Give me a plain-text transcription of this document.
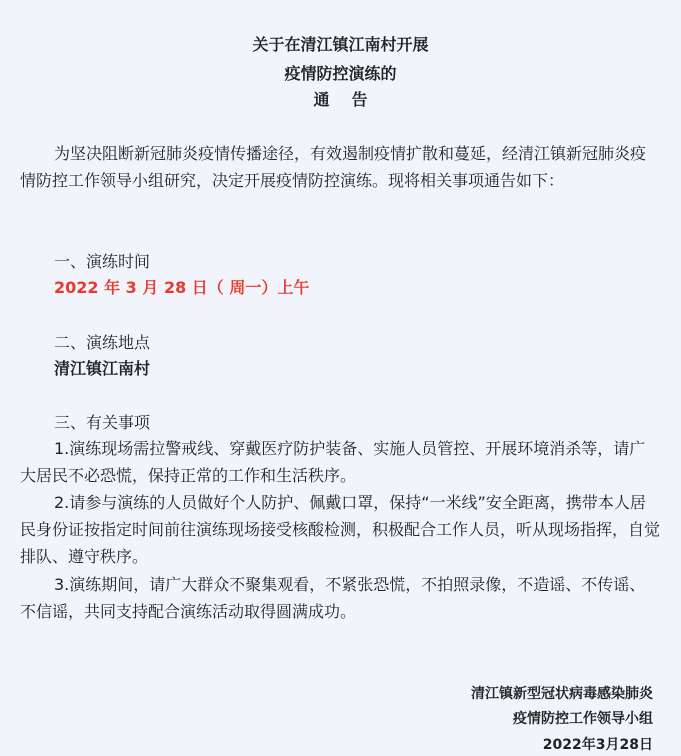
关于在清江镇江南村开展
疫情防控演练的
通告
为坚决阻断新冠肺炎疫情传播途径，有效遏制疫情扩散和蔓延，经清江镇新冠肺炎疫情防控工作领导小组研究，决定开展疫情防控演练。现将相关事项通告如下：
一、演练时间
2022 年 3 月 28 日（ 周一）上午
二、演练地点
清江镇江南村
三、有关事项
1.演练现场需拉警戒线、穿戴医疗防护装备、实施人员管控、开展环境消杀等，请广大居民不必恐慌，保持正常的工作和生活秩序。
2.请参与演练的人员做好个人防护、佩戴口罩，保持“一米线”安全距离，携带本人居民身份证按指定时间前往演练现场接受核酸检测，积极配合工作人员，听从现场指挥，自觉排队、遵守秩序。
3.演练期间，请广大群众不聚集观看，不紧张恐慌，不拍照录像，不造谣、不传谣、不信谣，共同支持配合演练活动取得圆满成功。
清江镇新型冠状病毒感染肺炎
疫情防控工作领导小组
2022年3月28日
